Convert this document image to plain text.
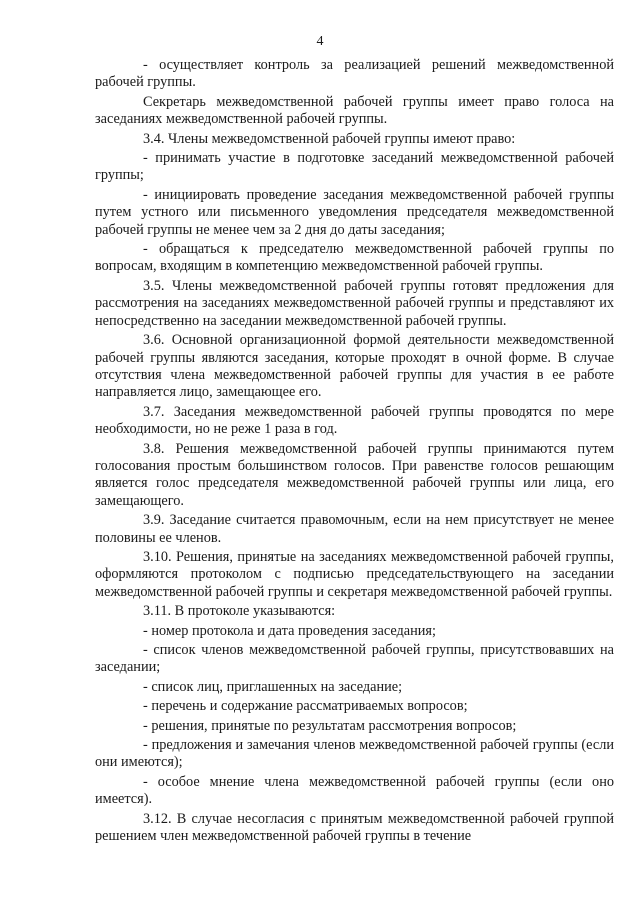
4

- осуществляет контроль за реализацией решений межведомственной рабочей группы.

Секретарь межведомственной рабочей группы имеет право голоса на заседаниях межведомственной рабочей группы.

3.4. Члены межведомственной рабочей группы имеют право:

- принимать участие в подготовке заседаний межведомственной рабочей группы;

- инициировать проведение заседания межведомственной рабочей группы путем устного или письменного уведомления председателя межведомственной рабочей группы не менее чем за 2 дня до даты заседания;

- обращаться к председателю межведомственной рабочей группы по вопросам, входящим в компетенцию межведомственной рабочей группы.

3.5. Члены межведомственной рабочей группы готовят предложения для рассмотрения на заседаниях межведомственной рабочей группы и представляют их непосредственно на заседании межведомственной рабочей группы.

3.6. Основной организационной формой деятельности межведомственной рабочей группы являются заседания, которые проходят в очной форме. В случае отсутствия члена межведомственной рабочей группы для участия в ее работе направляется лицо, замещающее его.

3.7. Заседания межведомственной рабочей группы проводятся по мере необходимости, но не реже 1 раза в год.

3.8. Решения межведомственной рабочей группы принимаются путем голосования простым большинством голосов. При равенстве голосов решающим является голос председателя межведомственной рабочей группы или лица, его замещающего.

3.9. Заседание считается правомочным, если на нем присутствует не менее половины ее членов.

3.10. Решения, принятые на заседаниях межведомственной рабочей группы, оформляются протоколом с подписью председательствующего на заседании межведомственной рабочей группы и секретаря межведомственной рабочей группы.

3.11. В протоколе указываются:

- номер протокола и дата проведения заседания;

- список членов межведомственной рабочей группы, присутствовавших на заседании;

- список лиц, приглашенных на заседание;

- перечень и содержание рассматриваемых вопросов;

- решения, принятые по результатам рассмотрения вопросов;

- предложения и замечания членов межведомственной рабочей группы (если они имеются);

- особое мнение члена межведомственной рабочей группы (если оно имеется).

3.12. В случае несогласия с принятым межведомственной рабочей группой решением член межведомственной рабочей группы в течение
